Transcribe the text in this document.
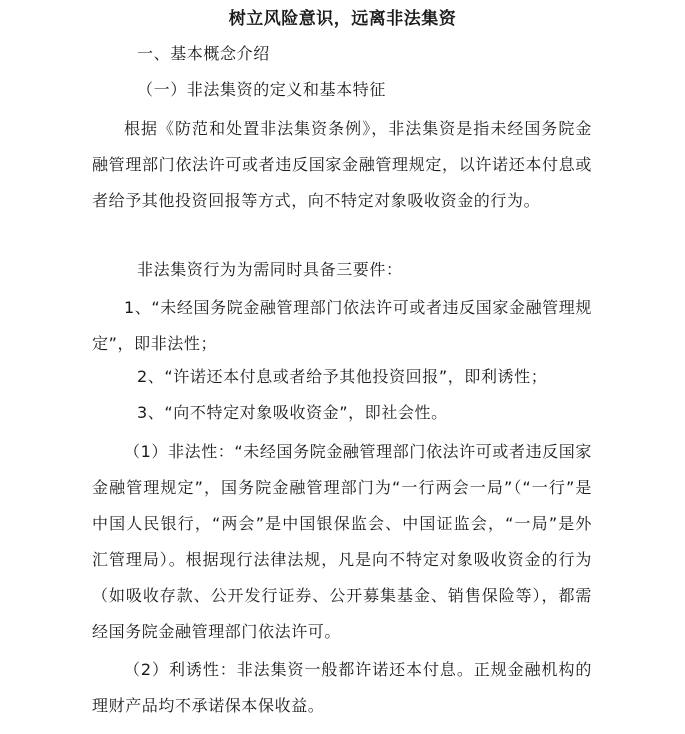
树立风险意识，远离非法集资
一、基本概念介绍
（一）非法集资的定义和基本特征

根据《防范和处置非法集资条例》，非法集资是指未经国务院金融管理部门依法许可或者违反国家金融管理规定，以许诺还本付息或者给予其他投资回报等方式，向不特定对象吸收资金的行为。

非法集资行为为需同时具备三要件：

1、“未经国务院金融管理部门依法许可或者违反国家金融管理规定”，即非法性；

2、“许诺还本付息或者给予其他投资回报”，即利诱性；
3、“向不特定对象吸收资金”，即社会性。

（1）非法性：“未经国务院金融管理部门依法许可或者违反国家金融管理规定”，国务院金融管理部门为“一行两会一局”（“一行”是中国人民银行，“两会”是中国银保监会、中国证监会，“一局”是外汇管理局）。根据现行法律法规，凡是向不特定对象吸收资金的行为（如吸收存款、公开发行证券、公开募集基金、销售保险等），都需经国务院金融管理部门依法许可。

（2）利诱性：非法集资一般都许诺还本付息。正规金融机构的理财产品均不承诺保本保收益。
